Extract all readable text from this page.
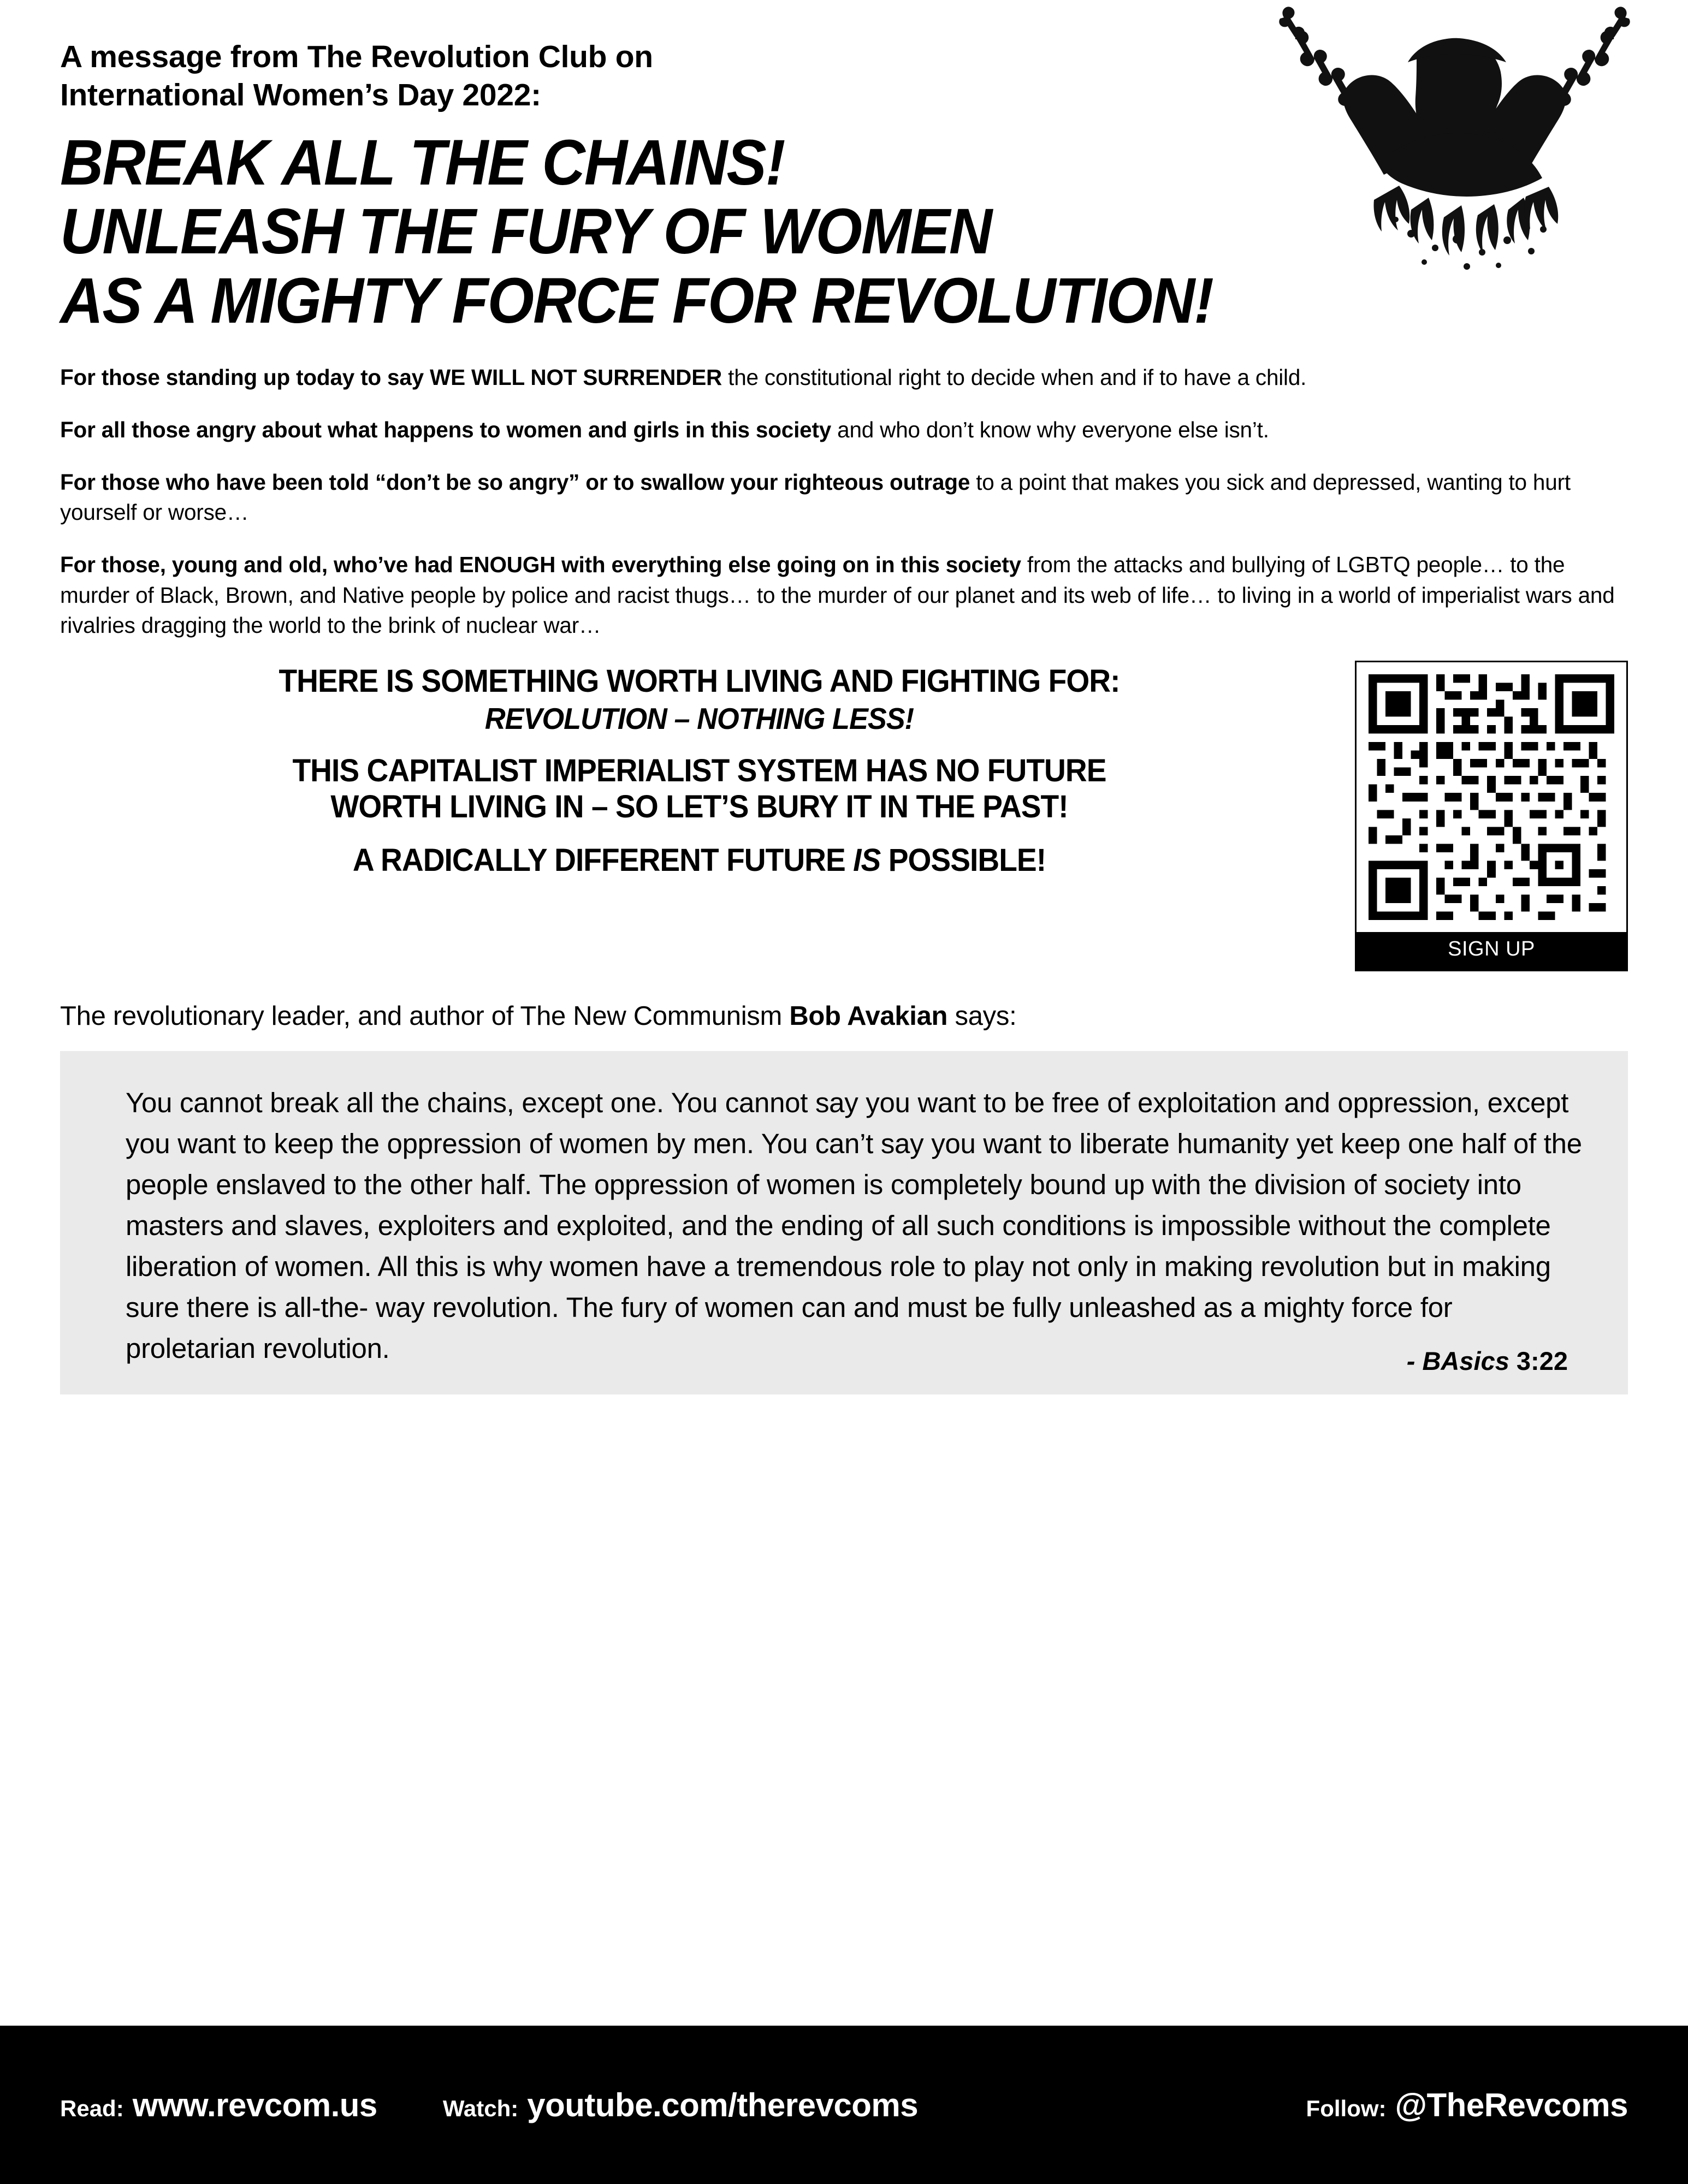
A message from The Revolution Club on
International Women’s Day 2022:
BREAK ALL THE CHAINS!
UNLEASH THE FURY OF WOMEN
AS A MIGHTY FORCE FOR REVOLUTION!

For those standing up today to say WE WILL NOT SURRENDER the constitutional right to decide when and if to have a child.

For all those angry about what happens to women and girls in this society and who don’t know why everyone else isn’t.

For those who have been told “don’t be so angry” or to swallow your righteous outrage to a point that makes you sick and depressed, wanting to hurt yourself or worse…

For those, young and old, who’ve had ENOUGH with everything else going on in this society from the attacks and bullying of LGBTQ people… to the murder of Black, Brown, and Native people by police and racist thugs… to the murder of our planet and its web of life… to living in a world of imperialist wars and rivalries dragging the world to the brink of nuclear war…

THERE IS SOMETHING WORTH LIVING AND FIGHTING FOR:
REVOLUTION – NOTHING LESS!
THIS CAPITALIST IMPERIALIST SYSTEM HAS NO FUTURE
WORTH LIVING IN – SO LET’S BURY IT IN THE PAST!
A RADICALLY DIFFERENT FUTURE IS POSSIBLE!
SIGN UP
The revolutionary leader, and author of The New Communism Bob Avakian says:
You cannot break all the chains, except one. You cannot say you want to be free of exploitation and oppression, except you want to keep the oppression of women by men. You can’t say you want to liberate humanity yet keep one half of the people enslaved to the other half. The oppression of women is completely bound up with the division of society into masters and slaves, exploiters and exploited, and the ending of all such conditions is impossible without the complete liberation of women. All this is why women have a tremendous role to play not only in making revolution but in making sure there is all-the- way revolution. The fury of women can and must be fully unleashed as a mighty force for proletarian revolution.	- BAsics 3:22
Read: www.revcom.us	Watch: youtube.com/therevcoms	Follow: @TheRevcoms
